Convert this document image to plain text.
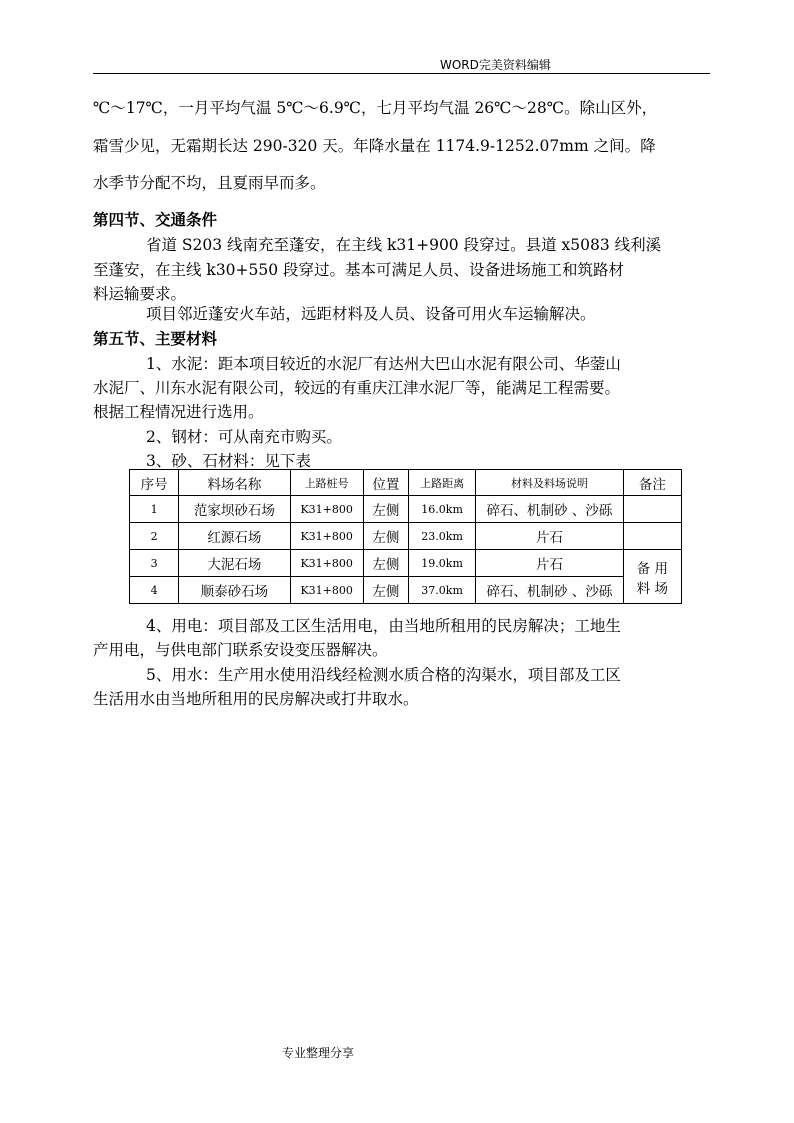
WORD完美资料编辑
℃～17℃，一月平均气温 5℃～6.9℃，七月平均气温 26℃～28℃。除山区外，
霜雪少见，无霜期长达 290-320 天。年降水量在 1174.9-1252.07mm 之间。降
水季节分配不均，且夏雨早而多。
第四节、交通条件
省道 S203 线南充至蓬安，在主线 k31+900 段穿过。县道 x5083 线利溪
至蓬安，在主线 k30+550 段穿过。基本可满足人员、设备进场施工和筑路材
料运输要求。
项目邻近蓬安火车站，远距材料及人员、设备可用火车运输解决。
第五节、主要材料
1、水泥：距本项目较近的水泥厂有达州大巴山水泥有限公司、华蓥山
水泥厂、川东水泥有限公司，较远的有重庆江津水泥厂等，能满足工程需要。
根据工程情况进行选用。
2、钢材：可从南充市购买。
3、砂、石材料：见下表
序号	料场名称	上路桩号	位置	上路距离	材料及料场说明	备注
1	范家坝砂石场	K31+800	左侧	16.0km	碎石、机制砂 、沙砾	
2	红源石场	K31+800	左侧	23.0km	片石	
3	大泥石场	K31+800	左侧	19.0km	片石	备 用
料 场

4	顺泰砂石场	K31+800	左侧	37.0km	碎石、机制砂 、沙砾	
4、用电：项目部及工区生活用电，由当地所租用的民房解决；工地生
产用电，与供电部门联系安设变压器解决。
5、用水：生产用水使用沿线经检测水质合格的沟渠水，项目部及工区
生活用水由当地所租用的民房解决或打井取水。
专业整理分享
